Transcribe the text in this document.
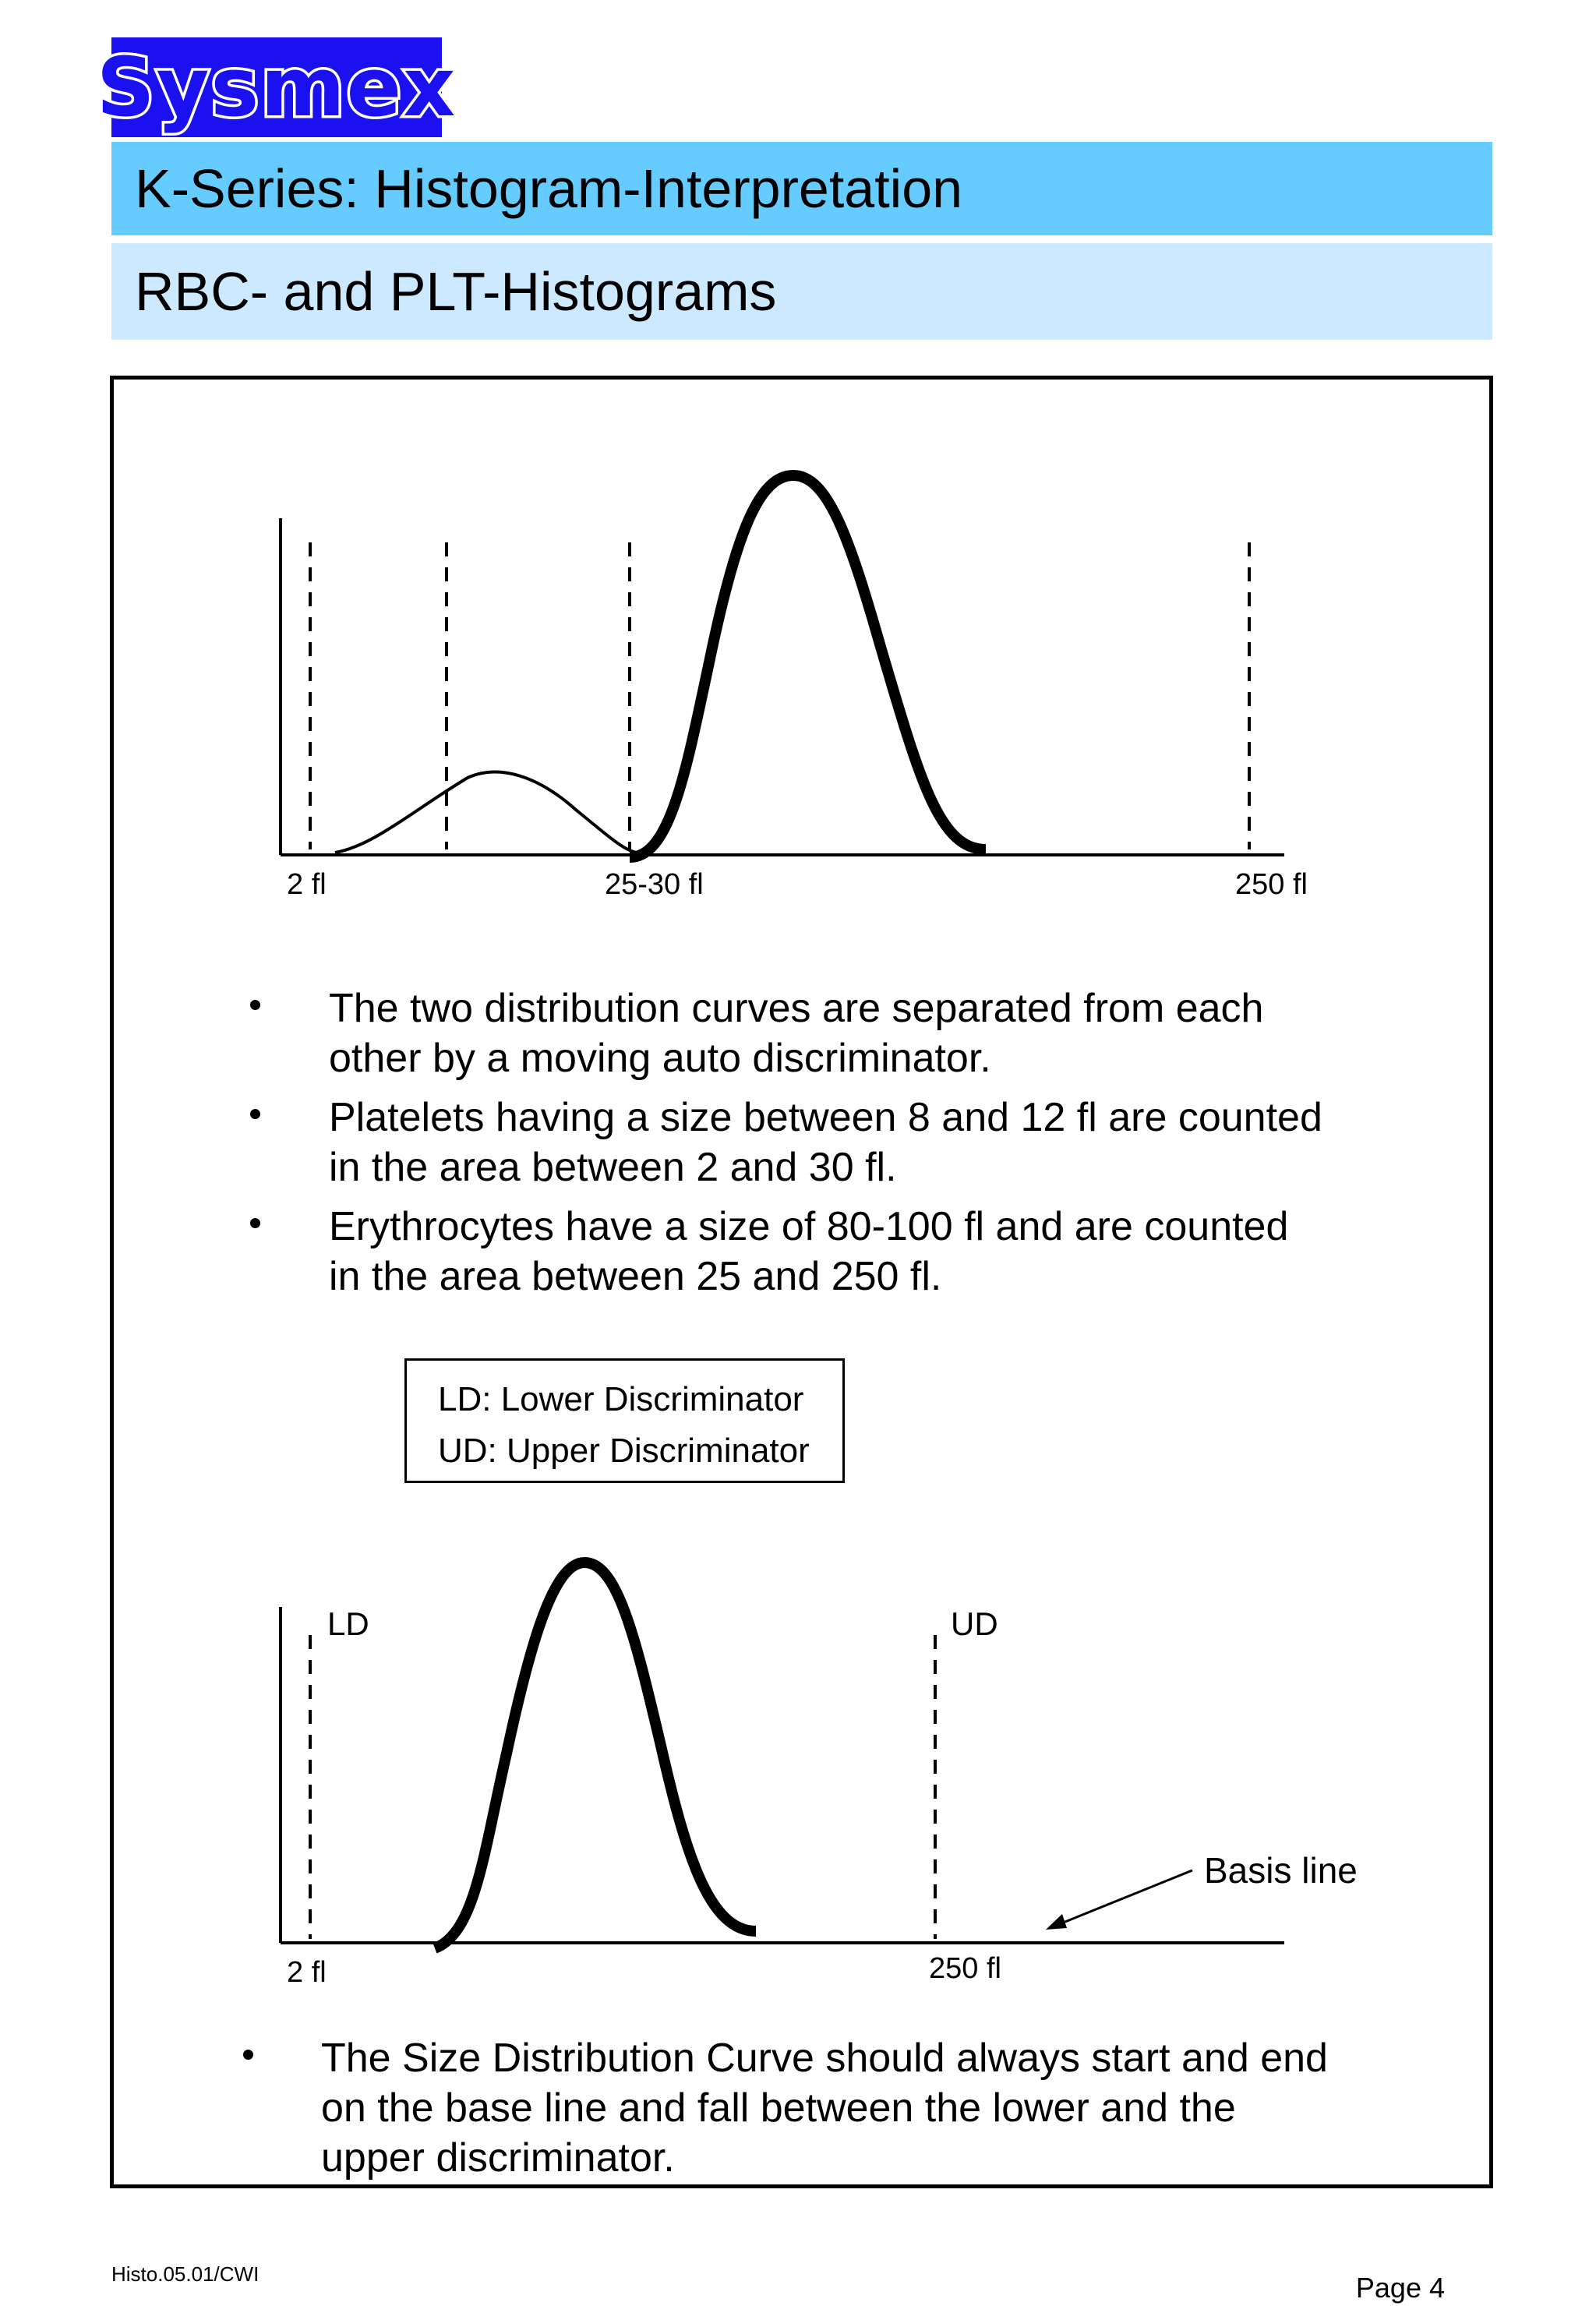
Sysmex
K-Series: Histogram-Interpretation
RBC- and PLT-Histograms
2 fl	25-30 fl	250 fl
The two distribution curves are separated from each
other by a moving auto discriminator.
Platelets having a size between 8 and 12 fl are counted
in the area between 2 and 30 fl.
Erythrocytes have a size of 80-100 fl and are counted
in the area between 25 and 250 fl.
LD: Lower Discriminator
UD: Upper Discriminator
LD	UD
2 fl	250 fl
Basis line
The Size Distribution Curve should always start and end
on the base line and fall between the lower and the
upper discriminator.
Histo.05.01/CWI	Page 4
